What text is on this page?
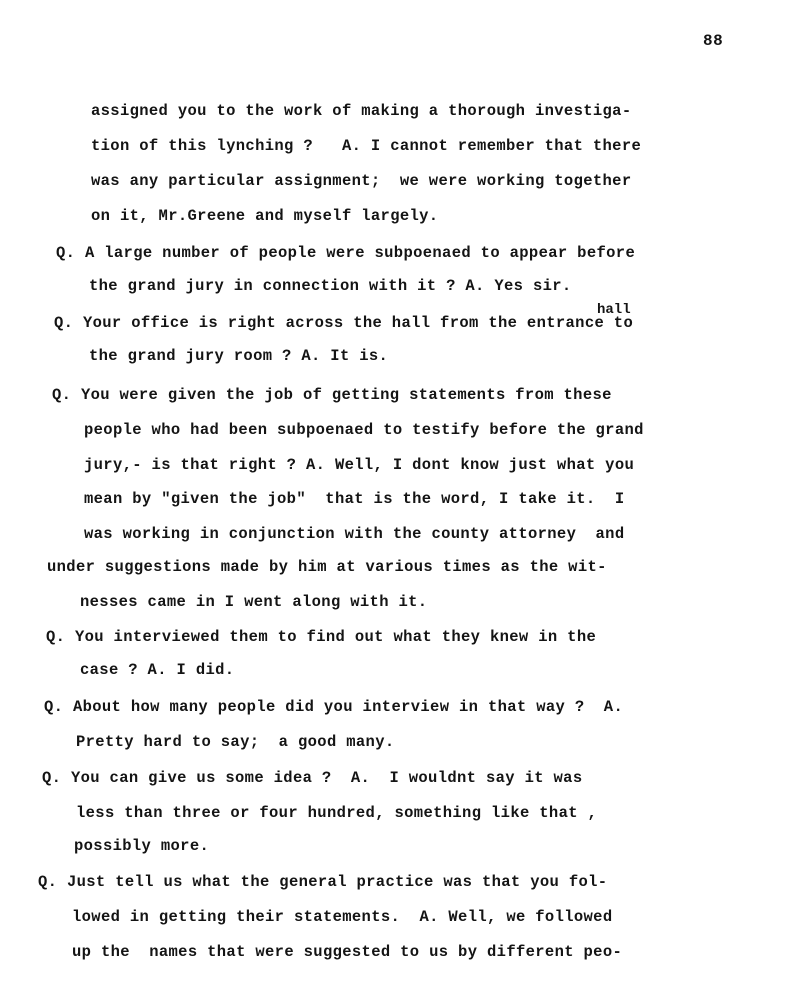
88
assigned you to the work of making a thorough investiga-
tion of this lynching ?   A. I cannot remember that there
was any particular assignment;  we were working together
on it, Mr.Greene and myself largely.
Q. A large number of people were subpoenaed to appear before
the grand jury in connection with it ? A. Yes sir.
Q. Your office is right across the hall from the entrance to
the grand jury room ? A. It is.
Q. You were given the job of getting statements from these
people who had been subpoenaed to testify before the grand
jury,- is that right ? A. Well, I dont know just what you
mean by "given the job"  that is the word, I take it.  I
was working in conjunction with the county attorney  and
under suggestions made by him at various times as the wit-
nesses came in I went along with it.
Q. You interviewed them to find out what they knew in the
case ? A. I did.
Q. About how many people did you interview in that way ?  A.
Pretty hard to say;  a good many.
Q. You can give us some idea ?  A.  I wouldnt say it was
less than three or four hundred, something like that ,
possibly more.
Q. Just tell us what the general practice was that you fol-
lowed in getting their statements.  A. Well, we followed
up the  names that were suggested to us by different peo-
hall
